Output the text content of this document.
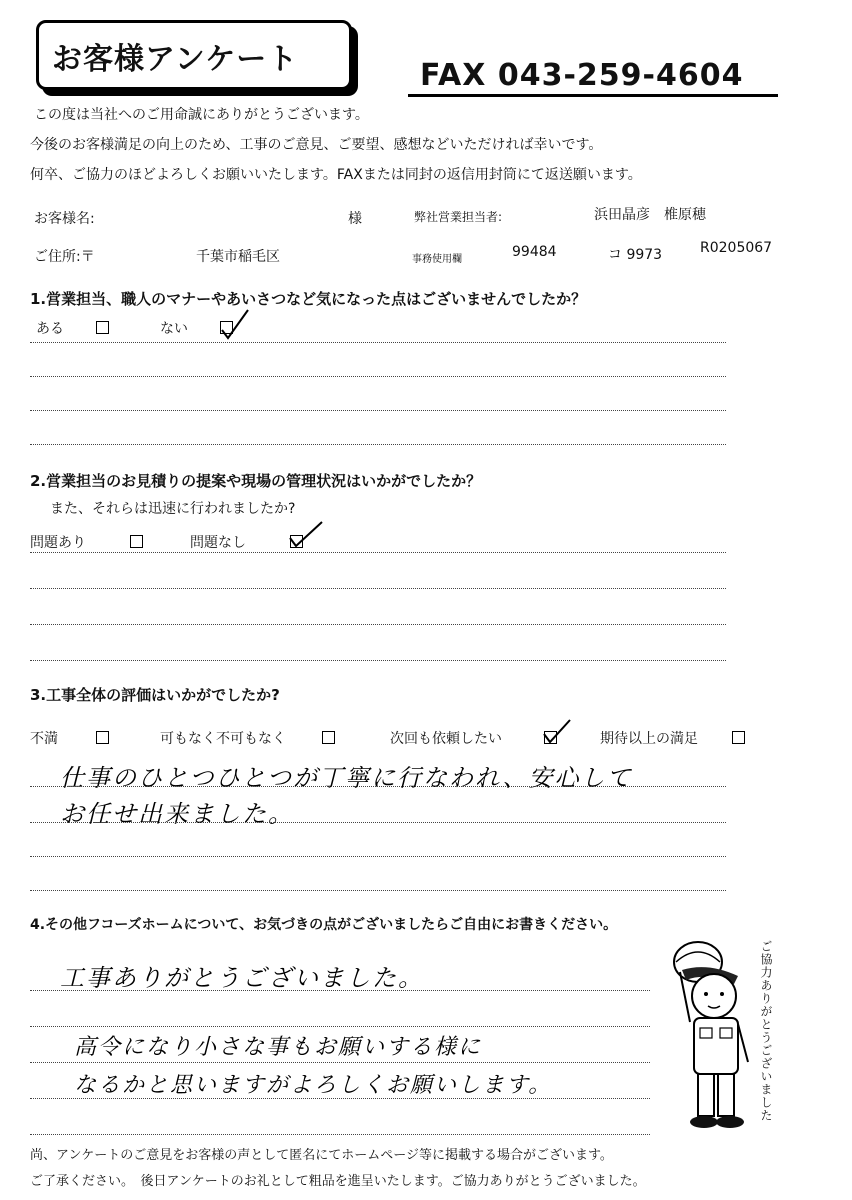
お客様アンケート	FAX 043-259-4604
この度は当社へのご用命誠にありがとうございます。
今後のお客様満足の向上のため、工事のご意見、ご要望、感想などいただければ幸いです。
何卒、ご協力のほどよろしくお願いいたします。FAXまたは同封の返信用封筒にて返送願います。
お客様名:	様	弊社営業担当者:	浜田晶彦　椎原穂
ご住所:〒	千葉市稲毛区	事務使用欄	99484	コ 9973	R0205067
1.営業担当、職人のマナーやあいさつなど気になった点はございませんでしたか？
ある	ない
2.営業担当のお見積りの提案や現場の管理状況はいかがでしたか？
また、それらは迅速に行われましたか?
問題あり	問題なし
3.工事全体の評価はいかがでしたか?
不満	可もなく不可もなく	次回も依頼したい	期待以上の満足
仕事のひとつひとつが丁寧に行なわれ、安心して
お任せ出来ました。
4.その他フコーズホームについて、お気づきの点がございましたらご自由にお書きください。
工事ありがとうございました。
高令になり小さな事もお願いする様に
なるかと思いますがよろしくお願いします。	ご協力ありがとうございました
尚、アンケートのご意見をお客様の声として匿名にてホームページ等に掲載する場合がございます。
ご了承ください。　後日アンケートのお礼として粗品を進呈いたします。ご協力ありがとうございました。
